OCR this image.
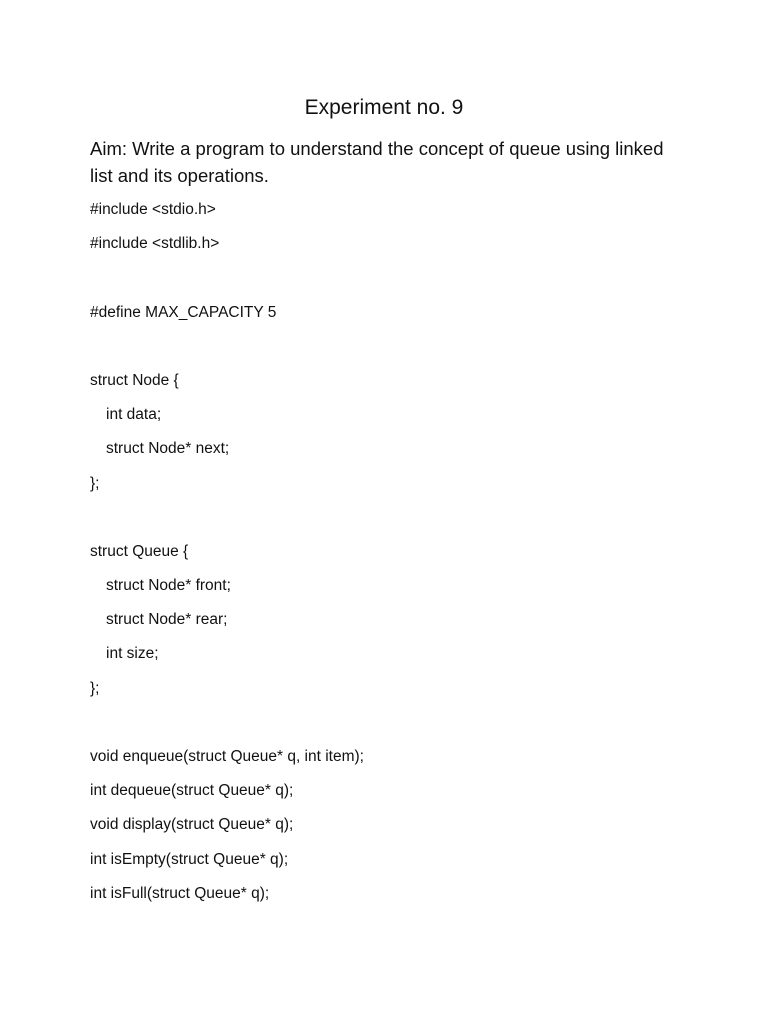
Experiment no. 9
Aim: Write a program to understand the concept of queue using linked list and its operations.
#include <stdio.h>
#include <stdlib.h>
#define MAX_CAPACITY 5
struct Node {
int data;
struct Node* next;
};
struct Queue {
struct Node* front;
struct Node* rear;
int size;
};
void enqueue(struct Queue* q, int item);
int dequeue(struct Queue* q);
void display(struct Queue* q);
int isEmpty(struct Queue* q);
int isFull(struct Queue* q);
